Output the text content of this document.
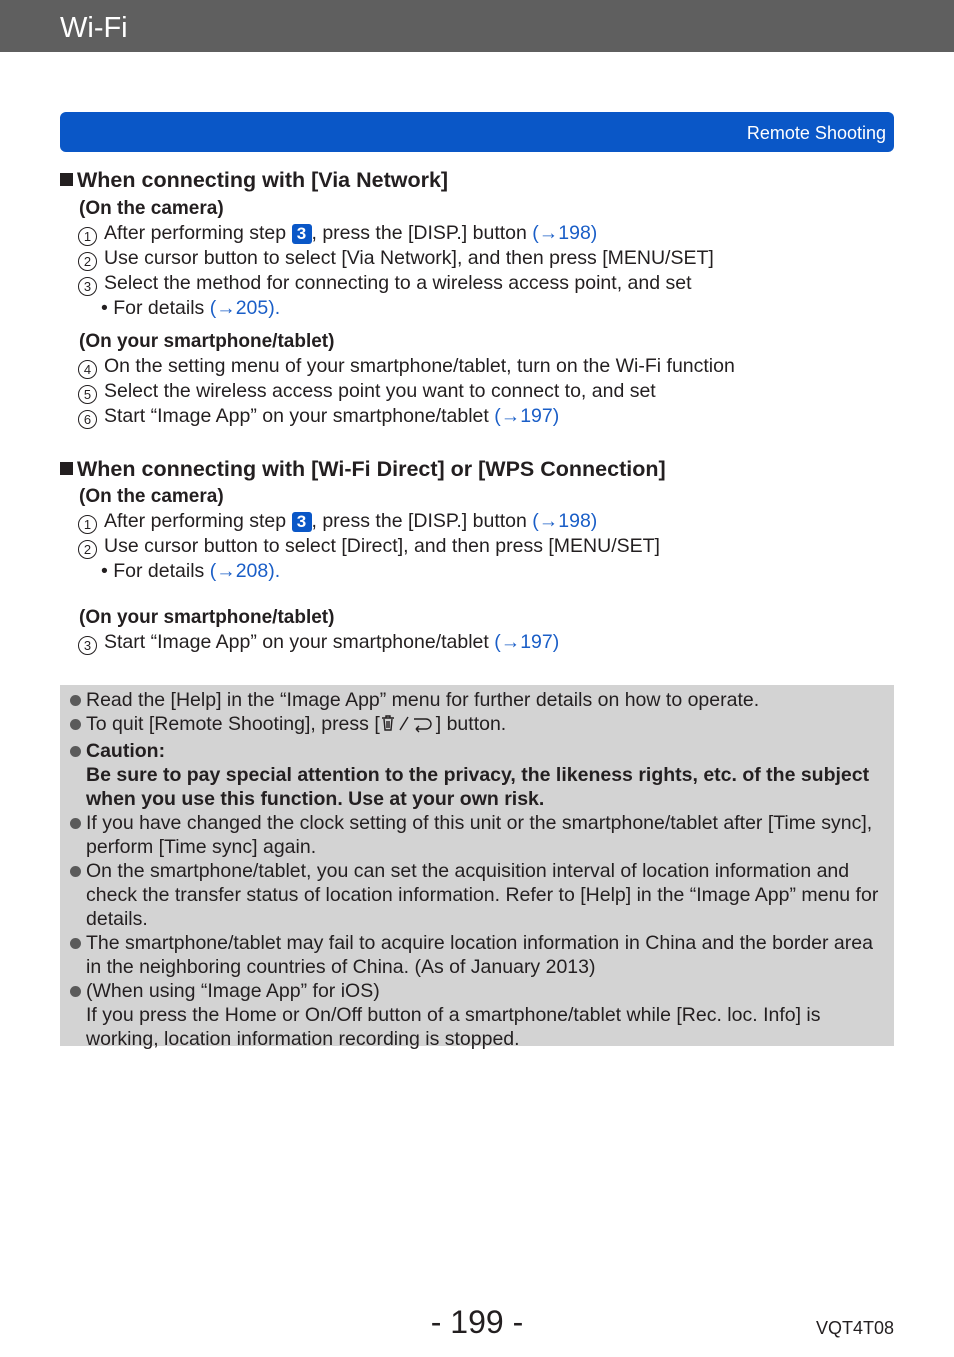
Wi-Fi
Remote Shooting
When connecting with [Via Network]
(On the camera)
1 After performing step 3 , press the [DISP.] button (→198)
2 Use cursor button to select [Via Network], and then press [MENU/SET]
3 Select the method for connecting to a wireless access point, and set
• For details (→205).
(On your smartphone/tablet)
4 On the setting menu of your smartphone/tablet, turn on the Wi-Fi function
5 Select the wireless access point you want to connect to, and set
6 Start “Image App” on your smartphone/tablet (→197)
When connecting with [Wi-Fi Direct] or [WPS Connection]
(On the camera)
1 After performing step 3 , press the [DISP.] button (→198)
2 Use cursor button to select [Direct], and then press [MENU/SET]
• For details (→208).
(On your smartphone/tablet)
3 Start “Image App” on your smartphone/tablet (→197)
Read the [Help] in the “Image App” menu for further details on how to operate.
To quit [Remote Shooting], press [	] button.
Caution:
Be sure to pay special attention to the privacy, the likeness rights, etc. of the subject when you use this function. Use at your own risk.
If you have changed the clock setting of this unit or the smartphone/tablet after [Time sync], perform [Time sync] again.
On the smartphone/tablet, you can set the acquisition interval of location information and check the transfer status of location information. Refer to [Help] in the “Image App” menu for details.
The smartphone/tablet may fail to acquire location information in China and the border area in the neighboring countries of China. (As of January 2013)
(When using “Image App” for iOS)
If you press the Home or On/Off button of a smartphone/tablet while [Rec. loc. Info] is working, location information recording is stopped.
- 199 -	VQT4T08
